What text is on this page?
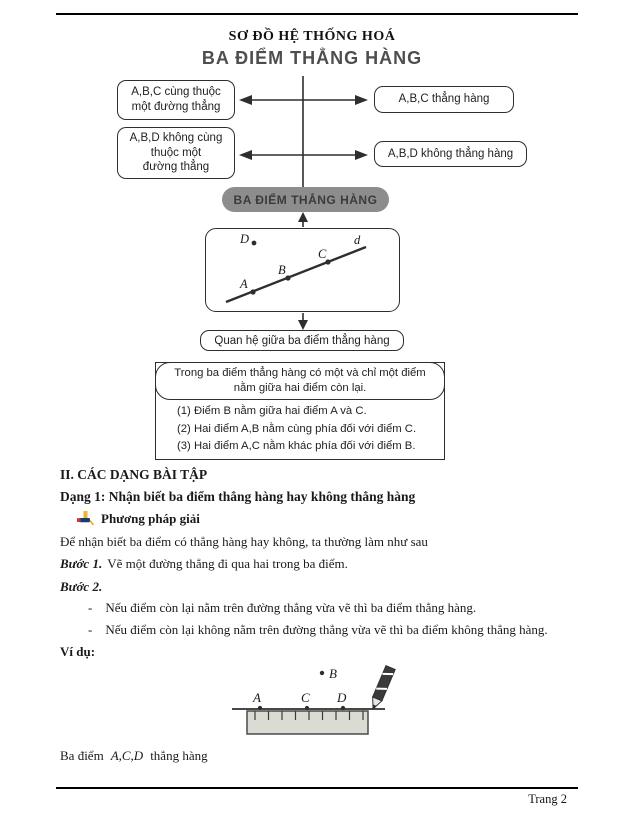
SƠ ĐỒ HỆ THỐNG HOÁ
BA ĐIỂM THẲNG HÀNG
A,B,C cùng thuộc
một đường thẳng
A,B,D không cùng
thuộc một
đường thẳng
A,B,C thẳng hàng
A,B,D không thẳng hàng
BA ĐIỂM THẲNG HÀNG
D	d
A
B
C
Quan hệ giữa ba điểm thẳng hàng
Trong ba điểm thẳng hàng có một và chỉ một điểm
nằm giữa hai điểm còn lại.
(1) Điểm B nằm giữa hai điểm A và C.
(2) Hai điểm A,B nằm cùng phía đối với điểm C.
(3) Hai điểm A,C nằm khác phía đối với điểm B.
II. CÁC DẠNG BÀI TẬP
Dạng 1: Nhận biết ba điểm thẳng hàng hay không thẳng hàng
Phương pháp giải
Để nhận biết ba điểm có thẳng hàng hay không, ta thường làm như sau
Bước 1. Vẽ một đường thẳng đi qua hai trong ba điểm.
Bước 2.
- Nếu điểm còn lại nằm trên đường thẳng vừa vẽ thì ba điểm thẳng hàng.
- Nếu điểm còn lại không nằm trên đường thẳng vừa vẽ thì ba điểm không thẳng hàng.
Ví dụ:
B
A	C D
Ba điểm A,C,D thẳng hàng
Trang 2
